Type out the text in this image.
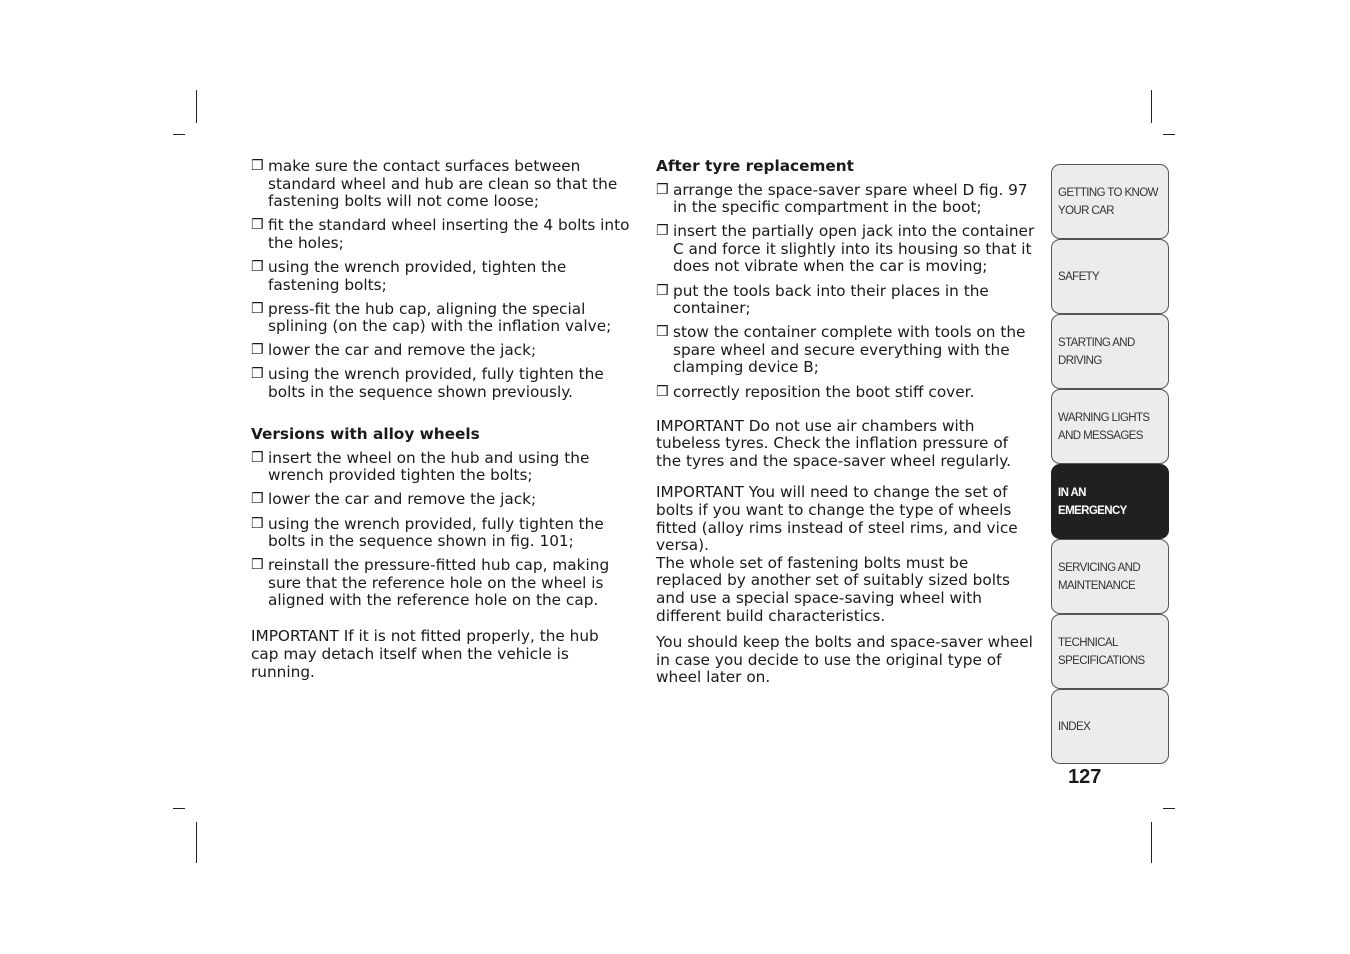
❒ make sure the contact surfaces between standard wheel and hub are clean so that the fastening bolts will not come loose;
❒ fit the standard wheel inserting the 4 bolts into the holes;
❒ using the wrench provided, tighten the fastening bolts;
❒ press-fit the hub cap, aligning the special splining (on the cap) with the inflation valve;
❒ lower the car and remove the jack;
❒ using the wrench provided, fully tighten the bolts in the sequence shown previously.
Versions with alloy wheels
❒ insert the wheel on the hub and using the wrench provided tighten the bolts;
❒ lower the car and remove the jack;
❒ using the wrench provided, fully tighten the bolts in the sequence shown in fig. 101;
❒ reinstall the pressure-fitted hub cap, making sure that the reference hole on the wheel is aligned with the reference hole on the cap.

IMPORTANT If it is not fitted properly, the hub cap may detach itself when the vehicle is running.

After tyre replacement
❒ arrange the space-saver spare wheel D fig. 97 in the specific compartment in the boot;
❒ insert the partially open jack into the container C and force it slightly into its housing so that it does not vibrate when the car is moving;
❒ put the tools back into their places in the container;
❒ stow the container complete with tools on the spare wheel and secure everything with the clamping device B;
❒ correctly reposition the boot stiff cover.

IMPORTANT Do not use air chambers with tubeless tyres. Check the inflation pressure of the tyres and the space-saver wheel regularly.

IMPORTANT You will need to change the set of bolts if you want to change the type of wheels fitted (alloy rims instead of steel rims, and vice versa).

The whole set of fastening bolts must be replaced by another set of suitably sized bolts and use a special space-saving wheel with different build characteristics.

You should keep the bolts and space-saver wheel in case you decide to use the original type of wheel later on.

GETTING TO KNOW
YOUR CAR
SAFETY
STARTING AND
DRIVING
WARNING LIGHTS
AND MESSAGES
IN AN
EMERGENCY
SERVICING AND
MAINTENANCE
TECHNICAL
SPECIFICATIONS
INDEX
127
